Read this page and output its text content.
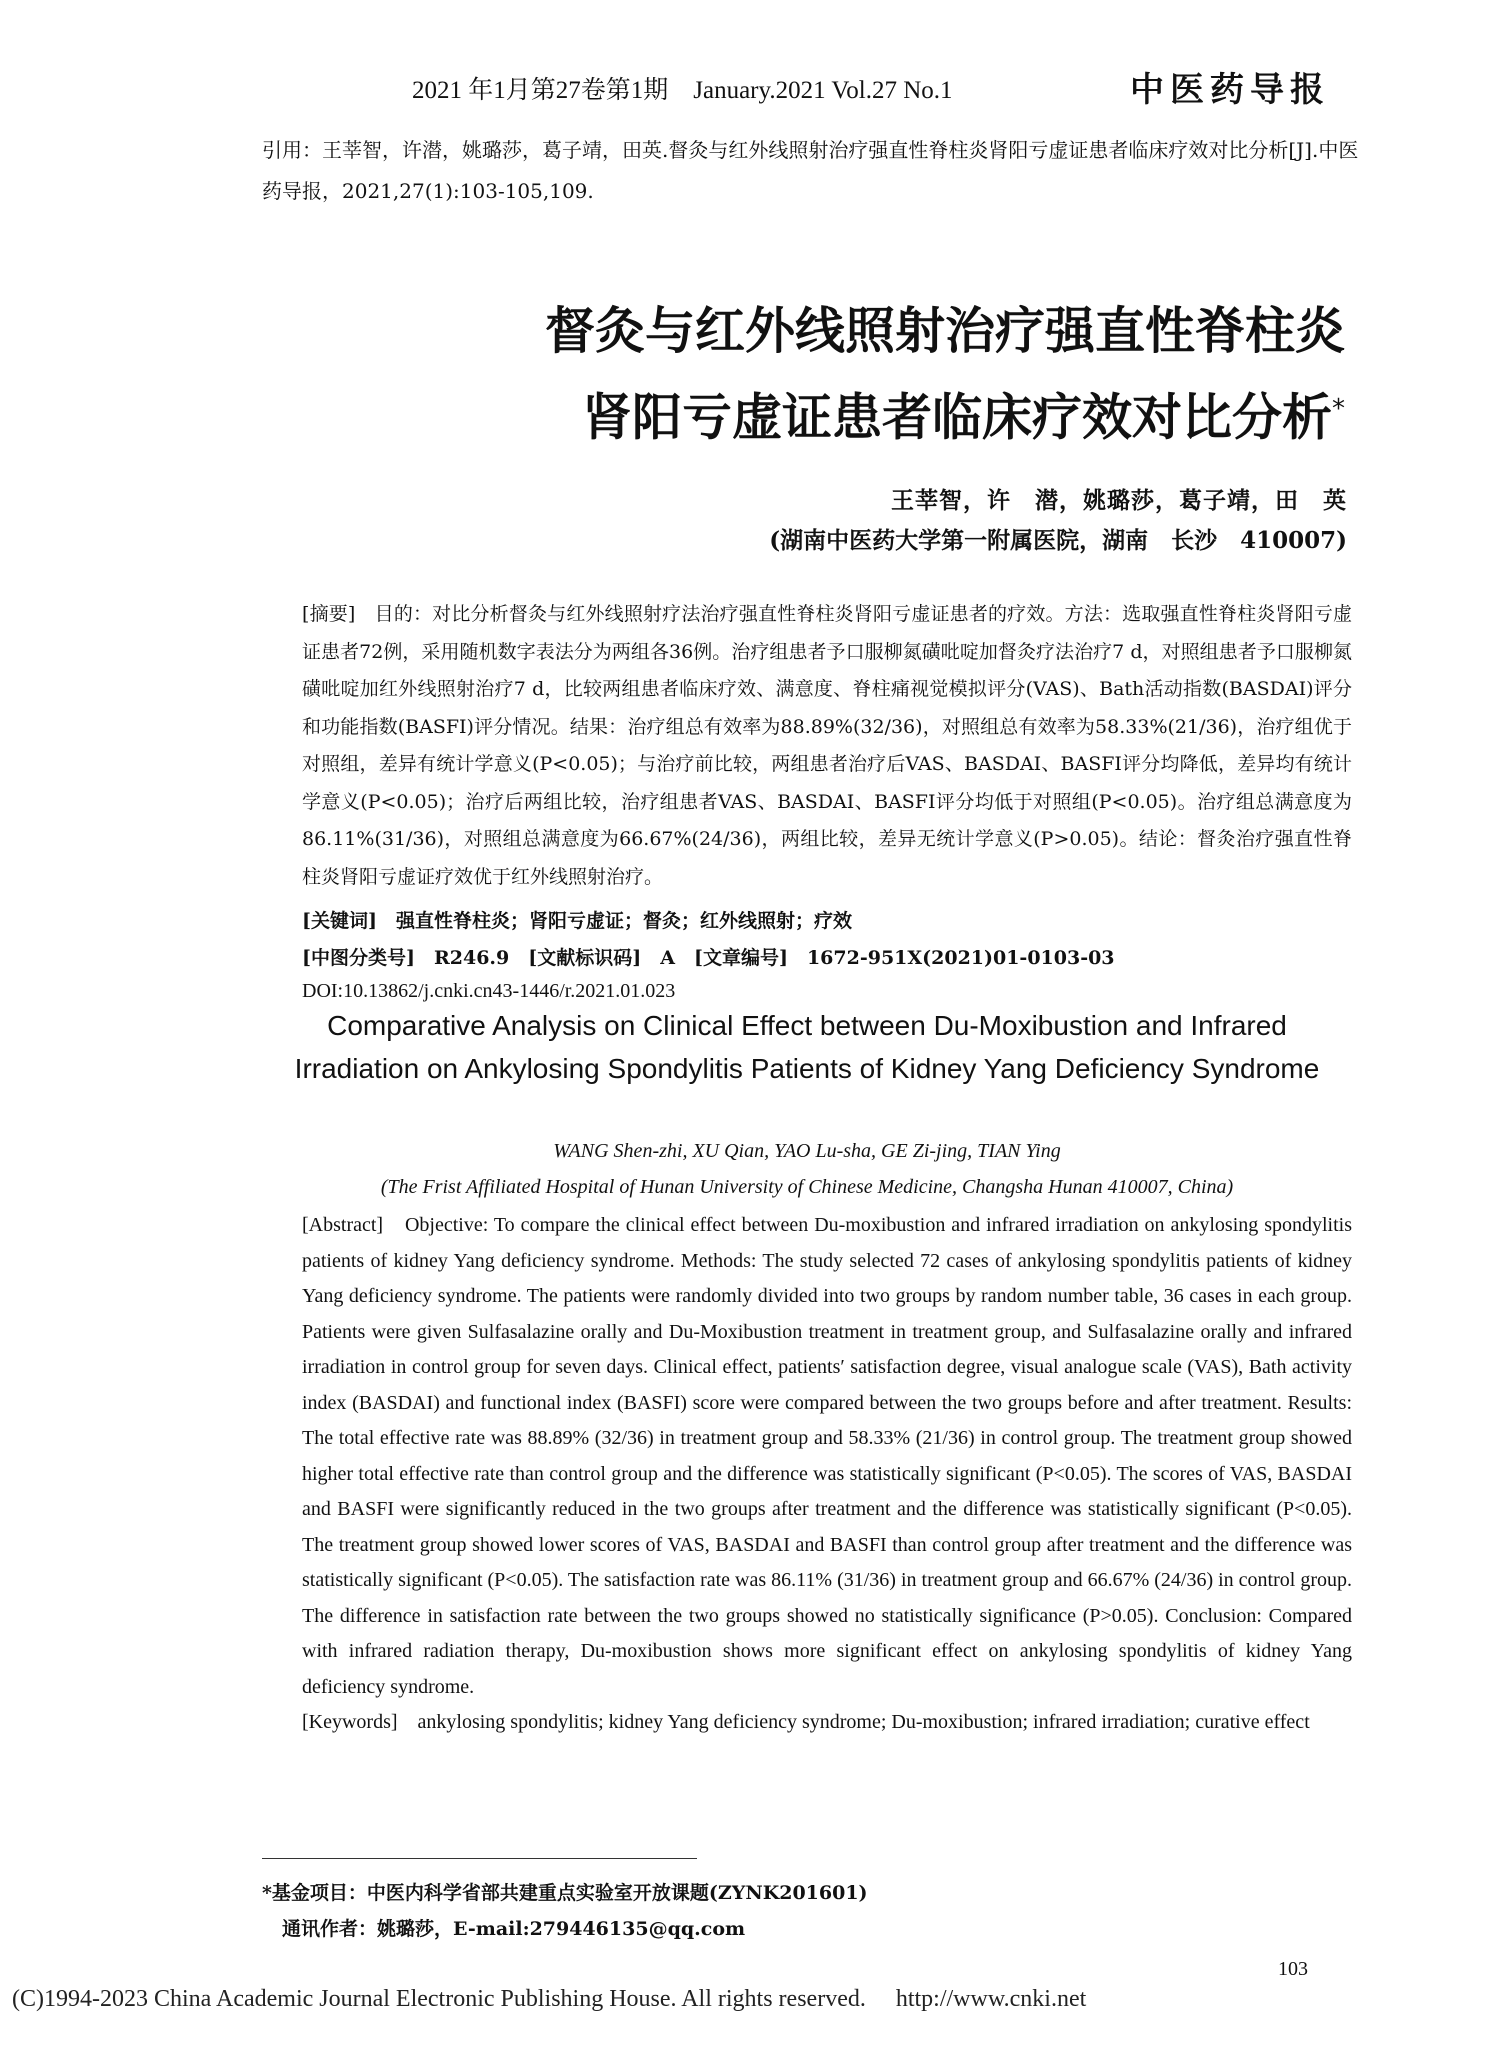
2021 年1月第27卷第1期　January.2021 Vol.27 No.1	中医药导报
引用：王莘智，许潜，姚璐莎，葛子靖，田英.督灸与红外线照射治疗强直性脊柱炎肾阳亏虚证患者临床疗效对比分析[J].中医药导报，2021,27(1):103-105,109.
督灸与红外线照射治疗强直性脊柱炎
肾阳亏虚证患者临床疗效对比分析*
王莘智，许　潜，姚璐莎，葛子靖，田　英
(湖南中医药大学第一附属医院，湖南　长沙　410007)
[摘要]　目的：对比分析督灸与红外线照射疗法治疗强直性脊柱炎肾阳亏虚证患者的疗效。方法：选取强直性脊柱炎肾阳亏虚证患者72例，采用随机数字表法分为两组各36例。治疗组患者予口服柳氮磺吡啶加督灸疗法治疗7 d，对照组患者予口服柳氮磺吡啶加红外线照射治疗7 d，比较两组患者临床疗效、满意度、脊柱痛视觉模拟评分(VAS)、Bath活动指数(BASDAI)评分和功能指数(BASFI)评分情况。结果：治疗组总有效率为88.89%(32/36)，对照组总有效率为58.33%(21/36)，治疗组优于对照组，差异有统计学意义(P<0.05)；与治疗前比较，两组患者治疗后VAS、BASDAI、BASFI评分均降低，差异均有统计学意义(P<0.05)；治疗后两组比较，治疗组患者VAS、BASDAI、BASFI评分均低于对照组(P<0.05)。治疗组总满意度为86.11%(31/36)，对照组总满意度为66.67%(24/36)，两组比较，差异无统计学意义(P>0.05)。结论：督灸治疗强直性脊柱炎肾阳亏虚证疗效优于红外线照射治疗。
[关键词]　强直性脊柱炎；肾阳亏虚证；督灸；红外线照射；疗效
[中图分类号]　R246.9　[文献标识码]　A　[文章编号]　1672-951X(2021)01-0103-03
DOI:10.13862/j.cnki.cn43-1446/r.2021.01.023
Comparative Analysis on Clinical Effect between Du-Moxibustion and Infrared Irradiation on Ankylosing Spondylitis Patients of Kidney Yang Deficiency Syndrome
WANG Shen-zhi, XU Qian, YAO Lu-sha, GE Zi-jing, TIAN Ying
(The Frist Affiliated Hospital of Hunan University of Chinese Medicine, Changsha Hunan 410007, China)
[Abstract]　Objective: To compare the clinical effect between Du-moxibustion and infrared irradiation on ankylosing spondylitis patients of kidney Yang deficiency syndrome. Methods: The study selected 72 cases of ankylosing spondylitis patients of kidney Yang deficiency syndrome. The patients were randomly divided into two groups by random number table, 36 cases in each group. Patients were given Sulfasalazine orally and Du-Moxibustion treatment in treatment group, and Sulfasalazine orally and infrared irradiation in control group for seven days. Clinical effect, patients′ satisfaction degree, visual analogue scale (VAS), Bath activity index (BASDAI) and functional index (BASFI) score were compared between the two groups before and after treatment. Results: The total effective rate was 88.89% (32/36) in treatment group and 58.33% (21/36) in control group. The treatment group showed higher total effective rate than control group and the difference was statistically significant (P<0.05). The scores of VAS, BASDAI and BASFI were significantly reduced in the two groups after treatment and the difference was statistically significant (P<0.05). The treatment group showed lower scores of VAS, BASDAI and BASFI than control group after treatment and the difference was statistically significant (P<0.05). The satisfaction rate was 86.11% (31/36) in treatment group and 66.67% (24/36) in control group. The difference in satisfaction rate between the two groups showed no statistically significance (P>0.05). Conclusion: Compared with infrared radiation therapy, Du-moxibustion shows more significant effect on ankylosing spondylitis of kidney Yang deficiency syndrome.
[Keywords]　ankylosing spondylitis; kidney Yang deficiency syndrome; Du-moxibustion; infrared irradiation; curative effect
*基金项目：中医内科学省部共建重点实验室开放课题(ZYNK201601)
通讯作者：姚璐莎，E-mail:279446135@qq.com
103
(C)1994-2023 China Academic Journal Electronic Publishing House. All rights reserved.　 http://www.cnki.net
